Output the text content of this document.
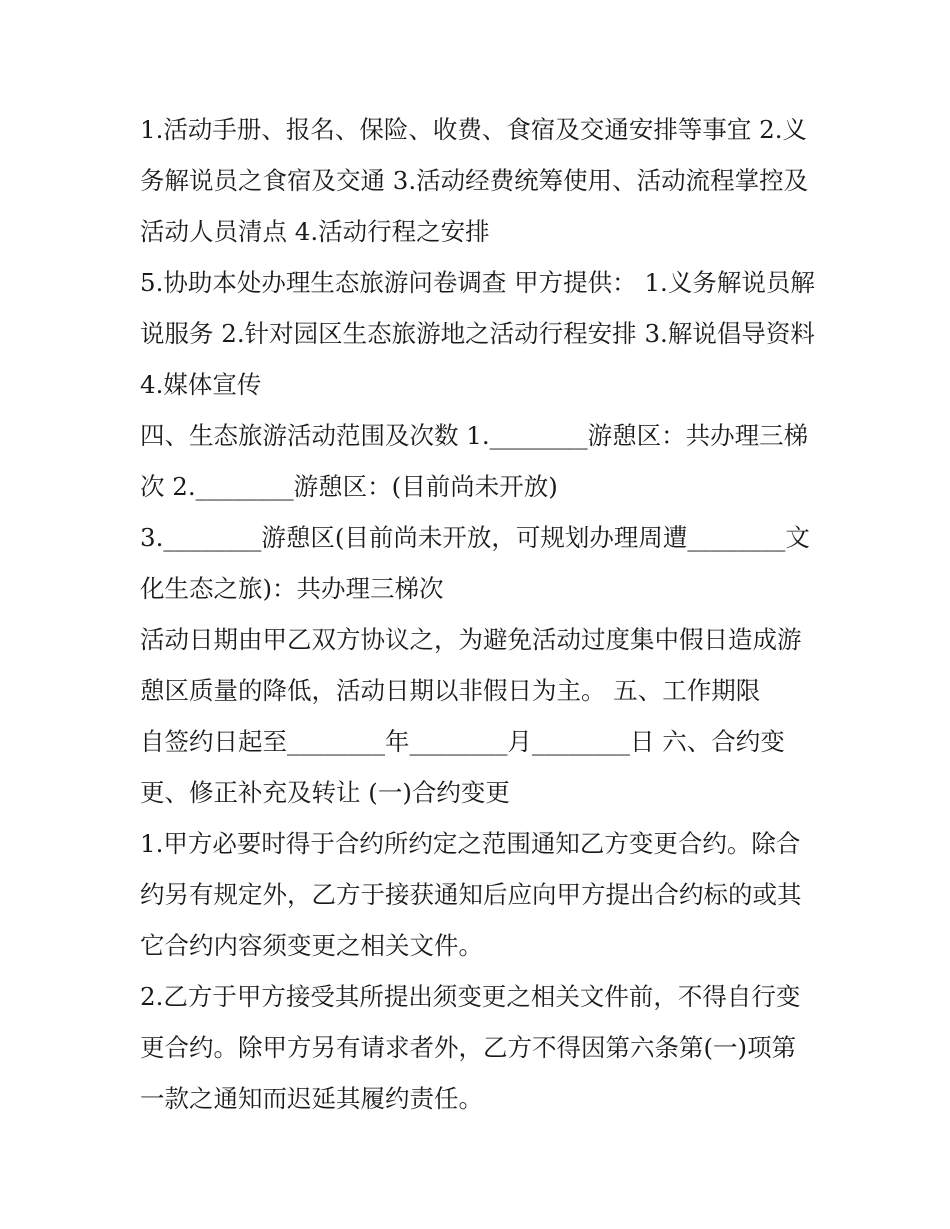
1.活动手册、报名、保险、收费、食宿及交通安排等事宜 2.义
务解说员之食宿及交通 3.活动经费统筹使用、活动流程掌控及
活动人员清点 4.活动行程之安排
5.协助本处办理生态旅游问卷调查 甲方提供： 1.义务解说员解
说服务 2.针对园区生态旅游地之活动行程安排 3.解说倡导资料
4.媒体宣传
四、生态旅游活动范围及次数 1.________游憩区：共办理三梯
次 2.________游憩区：(目前尚未开放)
3.________游憩区(目前尚未开放，可规划办理周遭________文
化生态之旅)：共办理三梯次
活动日期由甲乙双方协议之，为避免活动过度集中假日造成游
憩区质量的降低，活动日期以非假日为主。 五、工作期限
自签约日起至________年________月________日 六、合约变
更、修正补充及转让 (一)合约变更
1.甲方必要时得于合约所约定之范围通知乙方变更合约。除合
约另有规定外，乙方于接获通知后应向甲方提出合约标的或其
它合约内容须变更之相关文件。
2.乙方于甲方接受其所提出须变更之相关文件前，不得自行变
更合约。除甲方另有请求者外，乙方不得因第六条第(一)项第
一款之通知而迟延其履约责任。
